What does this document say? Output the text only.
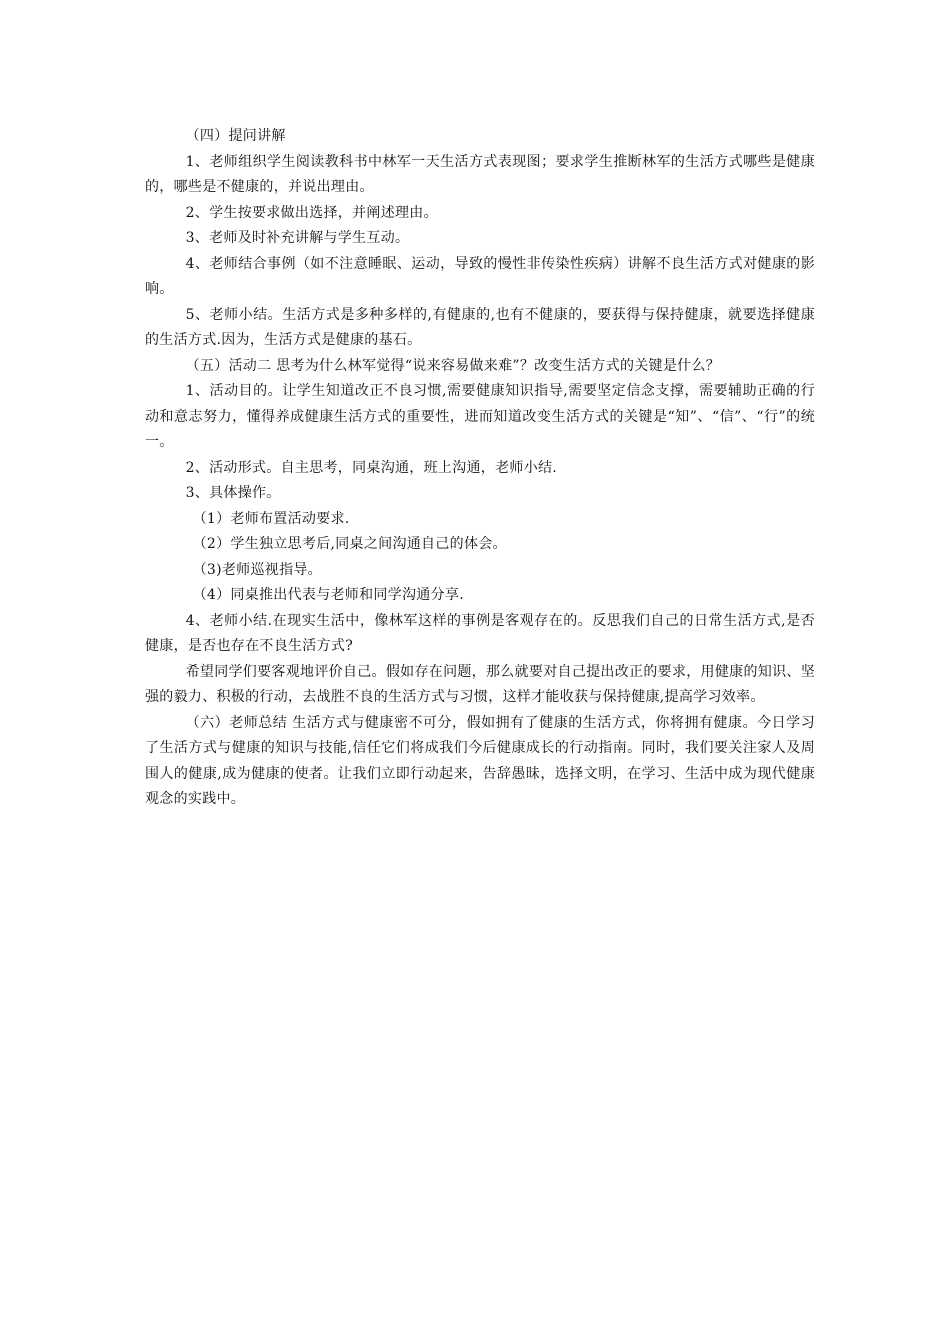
（四）提问讲解

1、老师组织学生阅读教科书中林军一天生活方式表现图；要求学生推断林军的生活方式哪些是健康的，哪些是不健康的，并说出理由。

2、学生按要求做出选择，并阐述理由。

3、老师及时补充讲解与学生互动。

4、老师结合事例（如不注意睡眠、运动，导致的慢性非传染性疾病）讲解不良生活方式对健康的影响。

5、老师小结。生活方式是多种多样的,有健康的,也有不健康的，要获得与保持健康，就要选择健康的生活方式.因为，生活方式是健康的基石。

（五）活动二 思考为什么林军觉得“说来容易做来难”？改变生活方式的关键是什么？

1、活动目的。让学生知道改正不良习惯,需要健康知识指导,需要坚定信念支撑，需要辅助正确的行动和意志努力，懂得养成健康生活方式的重要性，进而知道改变生活方式的关键是“知”、“信”、“行”的统一。

2、活动形式。自主思考，同桌沟通，班上沟通，老师小结.

3、具体操作。

（1）老师布置活动要求.

（2）学生独立思考后,同桌之间沟通自己的体会。

（3)老师巡视指导。

（4）同桌推出代表与老师和同学沟通分享.

4、老师小结.在现实生活中，像林军这样的事例是客观存在的。反思我们自己的日常生活方式,是否健康，是否也存在不良生活方式?

希望同学们要客观地评价自己。假如存在问题，那么就要对自己提出改正的要求，用健康的知识、坚强的毅力、积极的行动，去战胜不良的生活方式与习惯，这样才能收获与保持健康,提高学习效率。

（六）老师总结 生活方式与健康密不可分，假如拥有了健康的生活方式，你将拥有健康。今日学习了生活方式与健康的知识与技能,信任它们将成我们今后健康成长的行动指南。同时，我们要关注家人及周围人的健康,成为健康的使者。让我们立即行动起来，告辞愚昧，选择文明，在学习、生活中成为现代健康观念的实践中。
